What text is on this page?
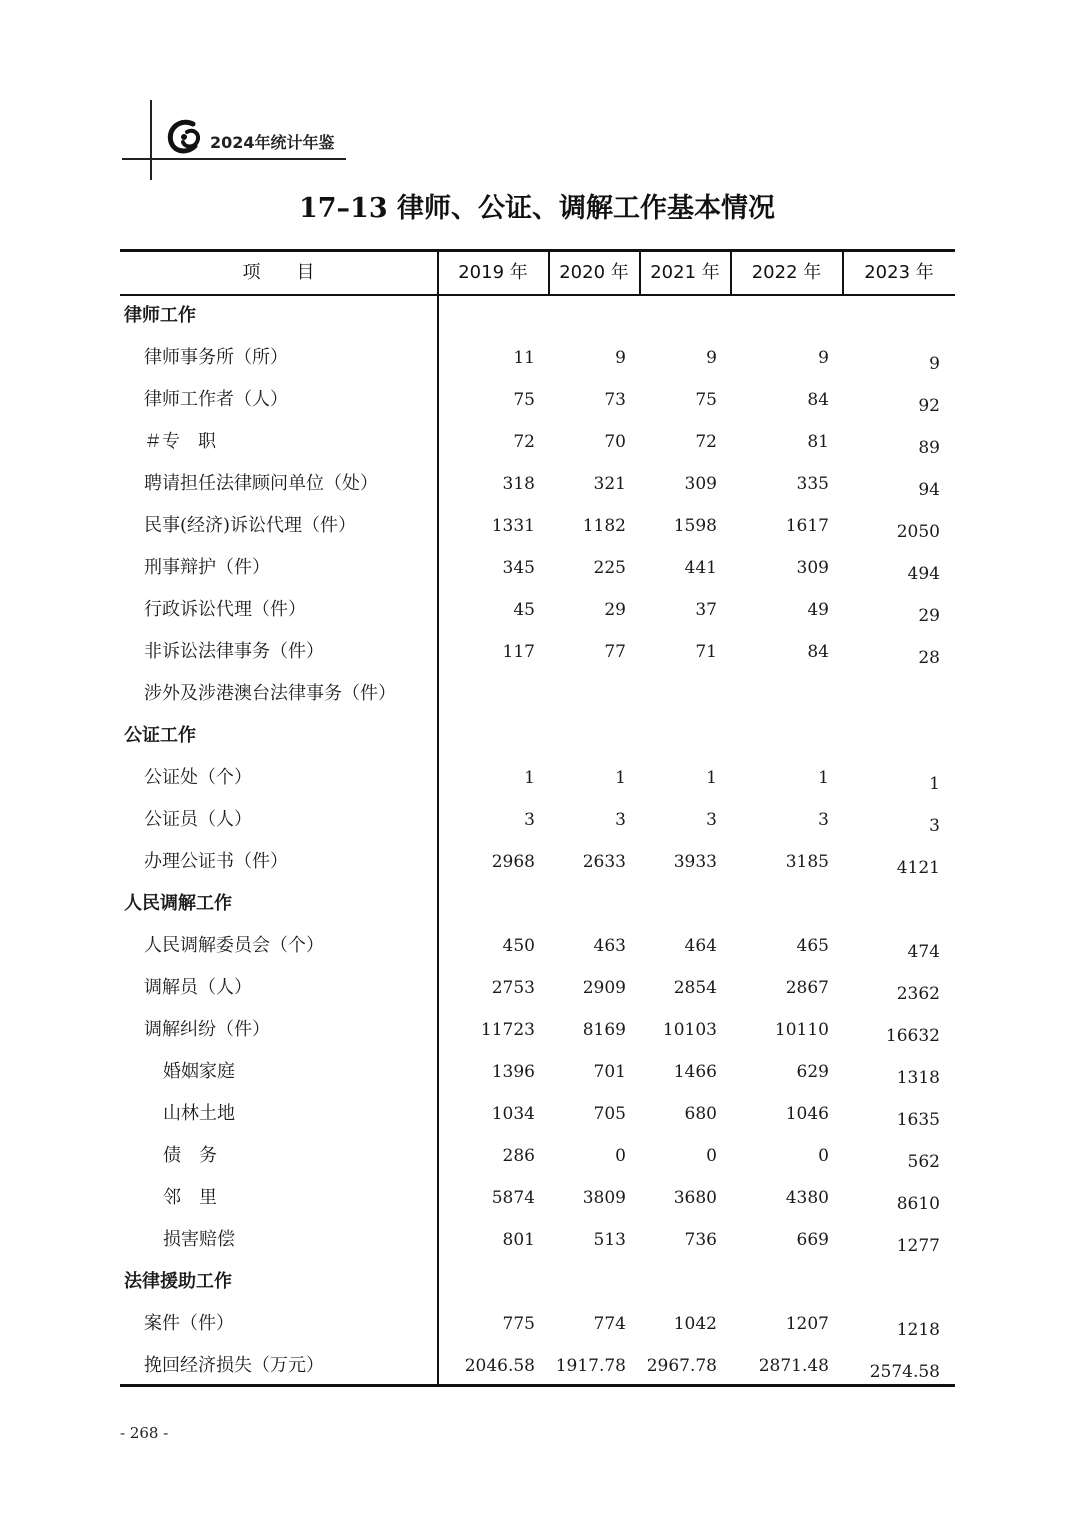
2024年统计年鉴
17–13 律师、公证、调解工作基本情况
项　　目	2019 年	2020 年	2021 年	2022 年	2023 年
律师工作
律师事务所（所）	11	9	9	9	9
律师工作者（人）	75	73	75	84	92
＃专　职	72	70	72	81	89
聘请担任法律顾问单位（处）	318	321	309	335	94
民事(经济)诉讼代理（件）	1331	1182	1598	1617	2050
刑事辩护（件）	345	225	441	309	494
行政诉讼代理（件）	45	29	37	49	29
非诉讼法律事务（件）	117	77	71	84	28
涉外及涉港澳台法律事务（件）
公证工作
公证处（个）	1	1	1	1	1
公证员（人）	3	3	3	3	3
办理公证书（件）	2968	2633	3933	3185	4121
人民调解工作
人民调解委员会（个）	450	463	464	465	474
调解员（人）	2753	2909	2854	2867	2362
调解纠纷（件）	11723	8169	10103	10110	16632
婚姻家庭	1396	701	1466	629	1318
山林土地	1034	705	680	1046	1635
债　务	286	0	0	0	562
邻　里	5874	3809	3680	4380	8610
损害赔偿	801	513	736	669	1277
法律援助工作
案件（件）	775	774	1042	1207	1218
挽回经济损失（万元）	2046.58	1917.78	2967.78	2871.48	2574.58
- 268 -
